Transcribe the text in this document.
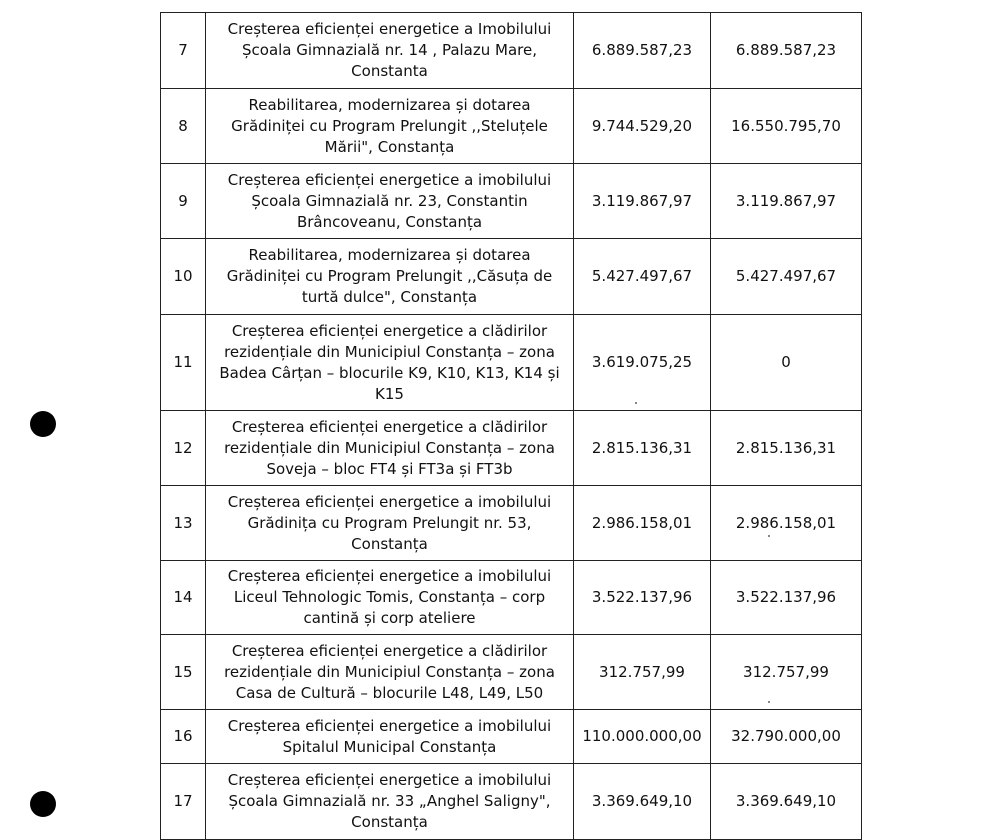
7	Creșterea eficienței energetice a Imobilului Școala Gimnazială nr. 14 , Palazu Mare, Constanta	6.889.587,23	6.889.587,23
8	Reabilitarea, modernizarea și dotarea Grădiniței cu Program Prelungit ,,Steluțele Mării", Constanța	9.744.529,20	16.550.795,70
9	Creșterea eficienței energetice a imobilului Școala Gimnazială nr. 23, Constantin Brâncoveanu, Constanța	3.119.867,97	3.119.867,97
10	Reabilitarea, modernizarea și dotarea Grădiniței cu Program Prelungit ,,Căsuța de turtă dulce", Constanța	5.427.497,67	5.427.497,67
11	Creșterea eficienței energetice a clădirilor rezidențiale din Municipiul Constanța – zona Badea Cârțan – blocurile K9, K10, K13, K14 și K15	3.619.075,25	0
12	Creșterea eficienței energetice a clădirilor rezidențiale din Municipiul Constanța – zona Soveja – bloc FT4 și FT3a și FT3b	2.815.136,31	2.815.136,31
13	Creșterea eficienței energetice a imobilului Grădinița cu Program Prelungit nr. 53, Constanța	2.986.158,01	2.986.158,01
14	Creșterea eficienței energetice a imobilului Liceul Tehnologic Tomis, Constanța – corp cantină și corp ateliere	3.522.137,96	3.522.137,96
15	Creșterea eficienței energetice a clădirilor rezidențiale din Municipiul Constanța – zona Casa de Cultură – blocurile L48, L49, L50	312.757,99	312.757,99
16	Creșterea eficienței energetice a imobilului Spitalul Municipal Constanța	110.000.000,00	32.790.000,00
17	Creșterea eficienței energetice a imobilului Școala Gimnazială nr. 33 „Anghel Saligny", Constanța	3.369.649,10	3.369.649,10
